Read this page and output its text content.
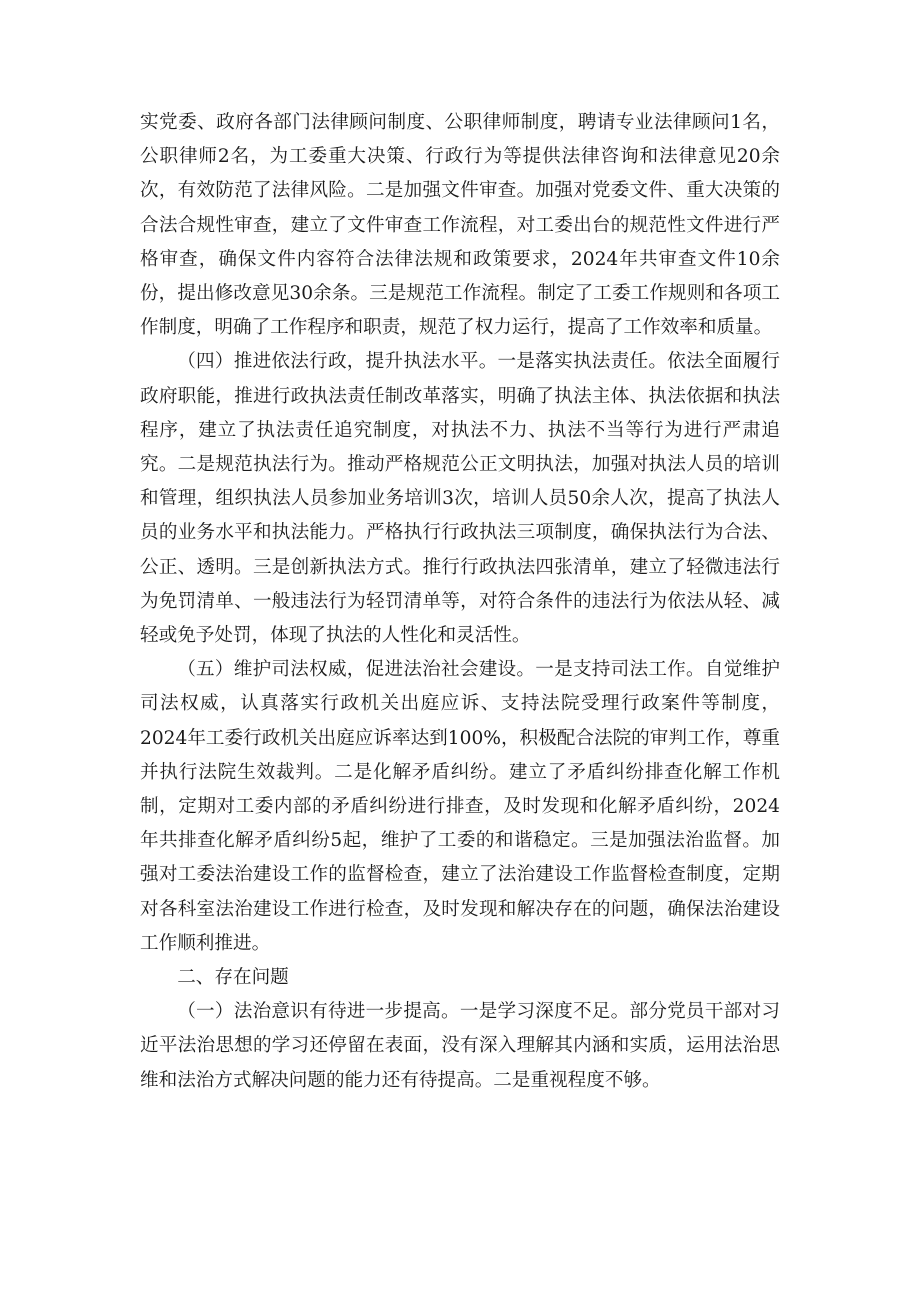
实党委、政府各部门法律顾问制度、公职律师制度，聘请专业法律顾问1名，公职律师2名，为工委重大决策、行政行为等提供法律咨询和法律意见20余次，有效防范了法律风险。二是加强文件审查。加强对党委文件、重大决策的合法合规性审查，建立了文件审查工作流程，对工委出台的规范性文件进行严格审查，确保文件内容符合法律法规和政策要求，2024年共审查文件10余份，提出修改意见30余条。三是规范工作流程。制定了工委工作规则和各项工作制度，明确了工作程序和职责，规范了权力运行，提高了工作效率和质量。

（四）推进依法行政，提升执法水平。一是落实执法责任。依法全面履行政府职能，推进行政执法责任制改革落实，明确了执法主体、执法依据和执法程序，建立了执法责任追究制度，对执法不力、执法不当等行为进行严肃追究。二是规范执法行为。推动严格规范公正文明执法，加强对执法人员的培训和管理，组织执法人员参加业务培训3次，培训人员50余人次，提高了执法人员的业务水平和执法能力。严格执行行政执法三项制度，确保执法行为合法、公正、透明。三是创新执法方式。推行行政执法四张清单，建立了轻微违法行为免罚清单、一般违法行为轻罚清单等，对符合条件的违法行为依法从轻、减轻或免予处罚，体现了执法的人性化和灵活性。

（五）维护司法权威，促进法治社会建设。一是支持司法工作。自觉维护司法权威，认真落实行政机关出庭应诉、支持法院受理行政案件等制度，2024年工委行政机关出庭应诉率达到100%，积极配合法院的审判工作，尊重并执行法院生效裁判。二是化解矛盾纠纷。建立了矛盾纠纷排查化解工作机制，定期对工委内部的矛盾纠纷进行排查，及时发现和化解矛盾纠纷，2024年共排查化解矛盾纠纷5起，维护了工委的和谐稳定。三是加强法治监督。加强对工委法治建设工作的监督检查，建立了法治建设工作监督检查制度，定期对各科室法治建设工作进行检查，及时发现和解决存在的问题，确保法治建设工作顺利推进。

二、存在问题

（一）法治意识有待进一步提高。一是学习深度不足。部分党员干部对习近平法治思想的学习还停留在表面，没有深入理解其内涵和实质，运用法治思维和法治方式解决问题的能力还有待提高。二是重视程度不够。
